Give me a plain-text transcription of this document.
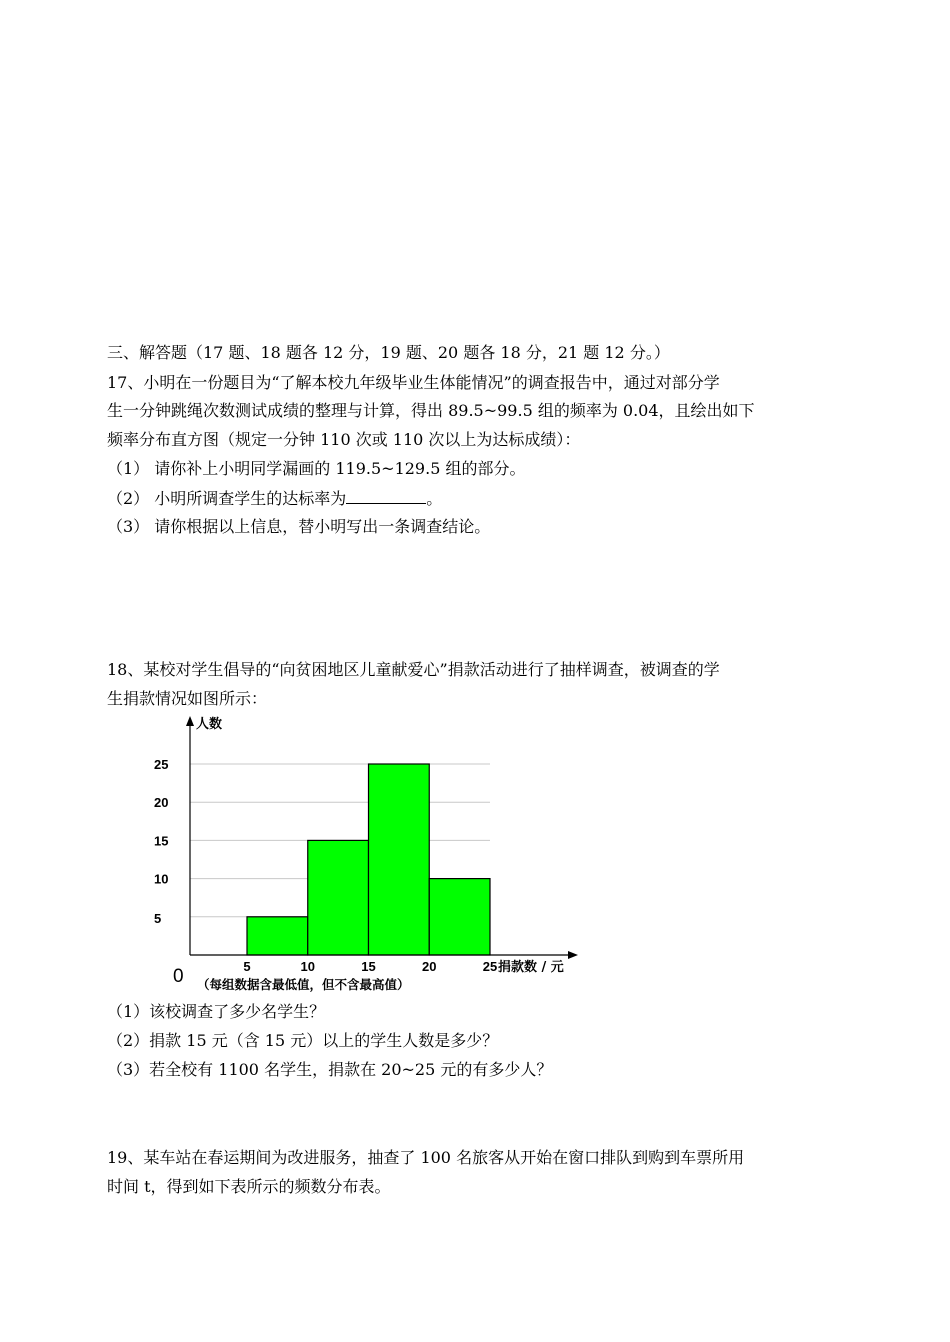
三、解答题（17 题、18 题各 12 分，19 题、20 题各 18 分，21 题 12 分。）
17、小明在一份题目为“了解本校九年级毕业生体能情况”的调查报告中，通过对部分学
生一分钟跳绳次数测试成绩的整理与计算，得出 89.5~99.5 组的频率为 0.04，且绘出如下
频率分布直方图（规定一分钟 110 次或 110 次以上为达标成绩）：
（1） 请你补上小明同学漏画的 119.5~129.5 组的部分。
（2） 小明所调查学生的达标率为	。
（3） 请你根据以上信息，替小明写出一条调查结论。
18、某校对学生倡导的“向贫困地区儿童献爱心”捐款活动进行了抽样调查，被调查的学
生捐款情况如图所示：
人数
捐款数 / 元
0 （每组数据含最低值，但不含最高值）
5
10
15
20
25
5	10	15	20	25
（1）该校调查了多少名学生？
（2）捐款 15 元（含 15 元）以上的学生人数是多少？
（3）若全校有 1100 名学生，捐款在 20~25 元的有多少人？
19、某车站在春运期间为改进服务，抽查了 100 名旅客从开始在窗口排队到购到车票所用
时间 t，得到如下表所示的频数分布表。
